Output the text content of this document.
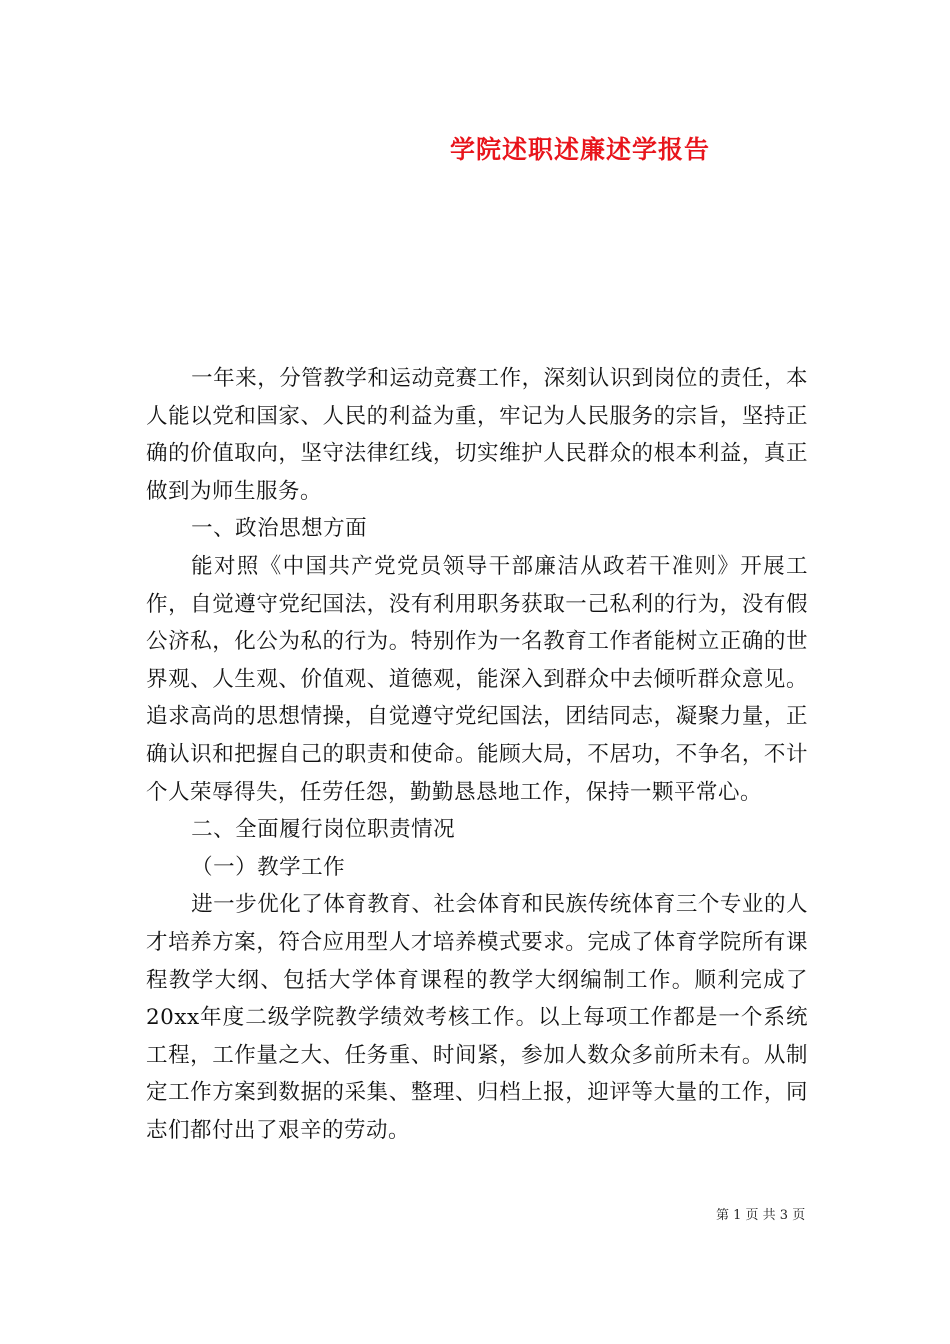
学院述职述廉述学报告

一年来，分管教学和运动竞赛工作，深刻认识到岗位的责任，本人能以党和国家、人民的利益为重，牢记为人民服务的宗旨，坚持正确的价值取向，坚守法律红线，切实维护人民群众的根本利益，真正做到为师生服务。

一、政治思想方面

能对照《中国共产党党员领导干部廉洁从政若干准则》开展工作，自觉遵守党纪国法，没有利用职务获取一己私利的行为，没有假公济私，化公为私的行为。特别作为一名教育工作者能树立正确的世界观、人生观、价值观、道德观，能深入到群众中去倾听群众意见。追求高尚的思想情操，自觉遵守党纪国法，团结同志，凝聚力量，正确认识和把握自己的职责和使命。能顾大局，不居功，不争名，不计个人荣辱得失，任劳任怨，勤勤恳恳地工作，保持一颗平常心。

二、全面履行岗位职责情况

（一）教学工作

进一步优化了体育教育、社会体育和民族传统体育三个专业的人才培养方案，符合应用型人才培养模式要求。完成了体育学院所有课程教学大纲、包括大学体育课程的教学大纲编制工作。顺利完成了20xx年度二级学院教学绩效考核工作。以上每项工作都是一个系统工程，工作量之大、任务重、时间紧，参加人数众多前所未有。从制定工作方案到数据的采集、整理、归档上报，迎评等大量的工作，同志们都付出了艰辛的劳动。

第 1 页 共 3 页
